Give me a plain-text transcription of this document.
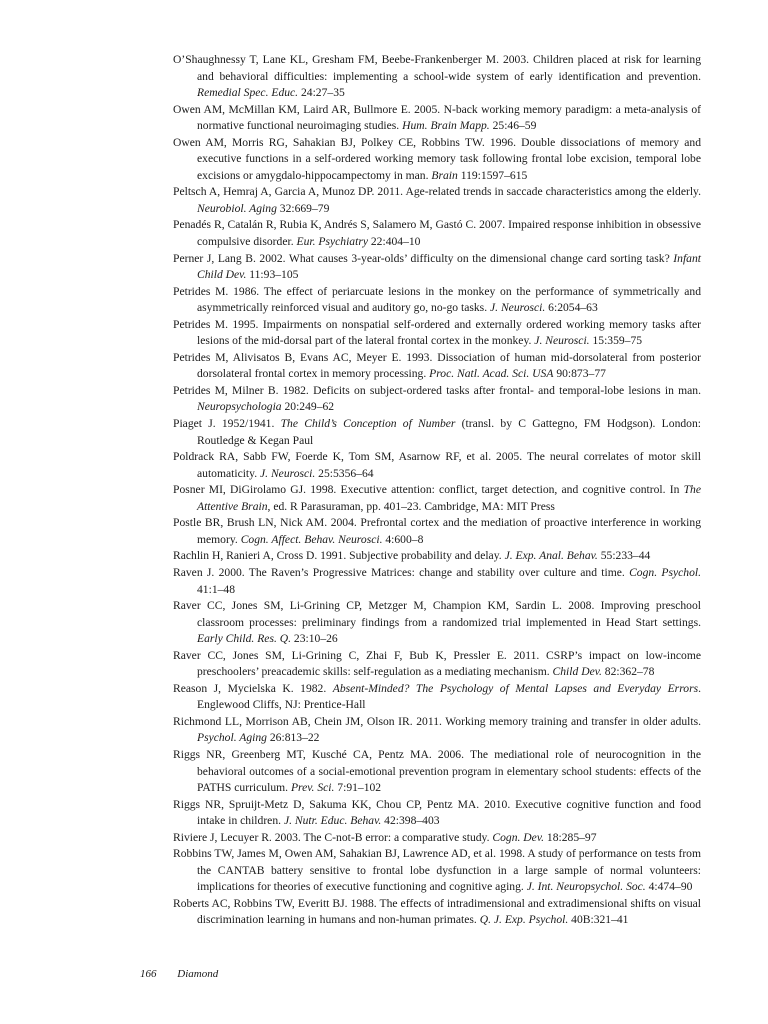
O’Shaughnessy T, Lane KL, Gresham FM, Beebe-Frankenberger M. 2003. Children placed at risk for learning and behavioral difficulties: implementing a school-wide system of early identification and prevention. Remedial Spec. Educ. 24:27–35
Owen AM, McMillan KM, Laird AR, Bullmore E. 2005. N-back working memory paradigm: a meta-analysis of normative functional neuroimaging studies. Hum. Brain Mapp. 25:46–59
Owen AM, Morris RG, Sahakian BJ, Polkey CE, Robbins TW. 1996. Double dissociations of memory and executive functions in a self-ordered working memory task following frontal lobe excision, temporal lobe excisions or amygdalo-hippocampectomy in man. Brain 119:1597–615
Peltsch A, Hemraj A, Garcia A, Munoz DP. 2011. Age-related trends in saccade characteristics among the elderly. Neurobiol. Aging 32:669–79
Penadés R, Catalán R, Rubia K, Andrés S, Salamero M, Gastó C. 2007. Impaired response inhibition in obsessive compulsive disorder. Eur. Psychiatry 22:404–10
Perner J, Lang B. 2002. What causes 3-year-olds’ difficulty on the dimensional change card sorting task? Infant Child Dev. 11:93–105
Petrides M. 1986. The effect of periarcuate lesions in the monkey on the performance of symmetrically and asymmetrically reinforced visual and auditory go, no-go tasks. J. Neurosci. 6:2054–63
Petrides M. 1995. Impairments on nonspatial self-ordered and externally ordered working memory tasks after lesions of the mid-dorsal part of the lateral frontal cortex in the monkey. J. Neurosci. 15:359–75
Petrides M, Alivisatos B, Evans AC, Meyer E. 1993. Dissociation of human mid-dorsolateral from posterior dorsolateral frontal cortex in memory processing. Proc. Natl. Acad. Sci. USA 90:873–77
Petrides M, Milner B. 1982. Deficits on subject-ordered tasks after frontal- and temporal-lobe lesions in man. Neuropsychologia 20:249–62
Piaget J. 1952/1941. The Child’s Conception of Number (transl. by C Gattegno, FM Hodgson). London: Routledge & Kegan Paul
Poldrack RA, Sabb FW, Foerde K, Tom SM, Asarnow RF, et al. 2005. The neural correlates of motor skill automaticity. J. Neurosci. 25:5356–64
Posner MI, DiGirolamo GJ. 1998. Executive attention: conflict, target detection, and cognitive control. In The Attentive Brain, ed. R Parasuraman, pp. 401–23. Cambridge, MA: MIT Press
Postle BR, Brush LN, Nick AM. 2004. Prefrontal cortex and the mediation of proactive interference in working memory. Cogn. Affect. Behav. Neurosci. 4:600–8
Rachlin H, Ranieri A, Cross D. 1991. Subjective probability and delay. J. Exp. Anal. Behav. 55:233–44
Raven J. 2000. The Raven’s Progressive Matrices: change and stability over culture and time. Cogn. Psychol. 41:1–48
Raver CC, Jones SM, Li-Grining CP, Metzger M, Champion KM, Sardin L. 2008. Improving preschool classroom processes: preliminary findings from a randomized trial implemented in Head Start settings. Early Child. Res. Q. 23:10–26
Raver CC, Jones SM, Li-Grining C, Zhai F, Bub K, Pressler E. 2011. CSRP’s impact on low-income preschoolers’ preacademic skills: self-regulation as a mediating mechanism. Child Dev. 82:362–78
Reason J, Mycielska K. 1982. Absent-Minded? The Psychology of Mental Lapses and Everyday Errors. Englewood Cliffs, NJ: Prentice-Hall
Richmond LL, Morrison AB, Chein JM, Olson IR. 2011. Working memory training and transfer in older adults. Psychol. Aging 26:813–22
Riggs NR, Greenberg MT, Kusché CA, Pentz MA. 2006. The mediational role of neurocognition in the behavioral outcomes of a social-emotional prevention program in elementary school students: effects of the PATHS curriculum. Prev. Sci. 7:91–102
Riggs NR, Spruijt-Metz D, Sakuma KK, Chou CP, Pentz MA. 2010. Executive cognitive function and food intake in children. J. Nutr. Educ. Behav. 42:398–403
Riviere J, Lecuyer R. 2003. The C-not-B error: a comparative study. Cogn. Dev. 18:285–97
Robbins TW, James M, Owen AM, Sahakian BJ, Lawrence AD, et al. 1998. A study of performance on tests from the CANTAB battery sensitive to frontal lobe dysfunction in a large sample of normal volunteers: implications for theories of executive functioning and cognitive aging. J. Int. Neuropsychol. Soc. 4:474–90
Roberts AC, Robbins TW, Everitt BJ. 1988. The effects of intradimensional and extradimensional shifts on visual discrimination learning in humans and non-human primates. Q. J. Exp. Psychol. 40B:321–41
166 Diamond
